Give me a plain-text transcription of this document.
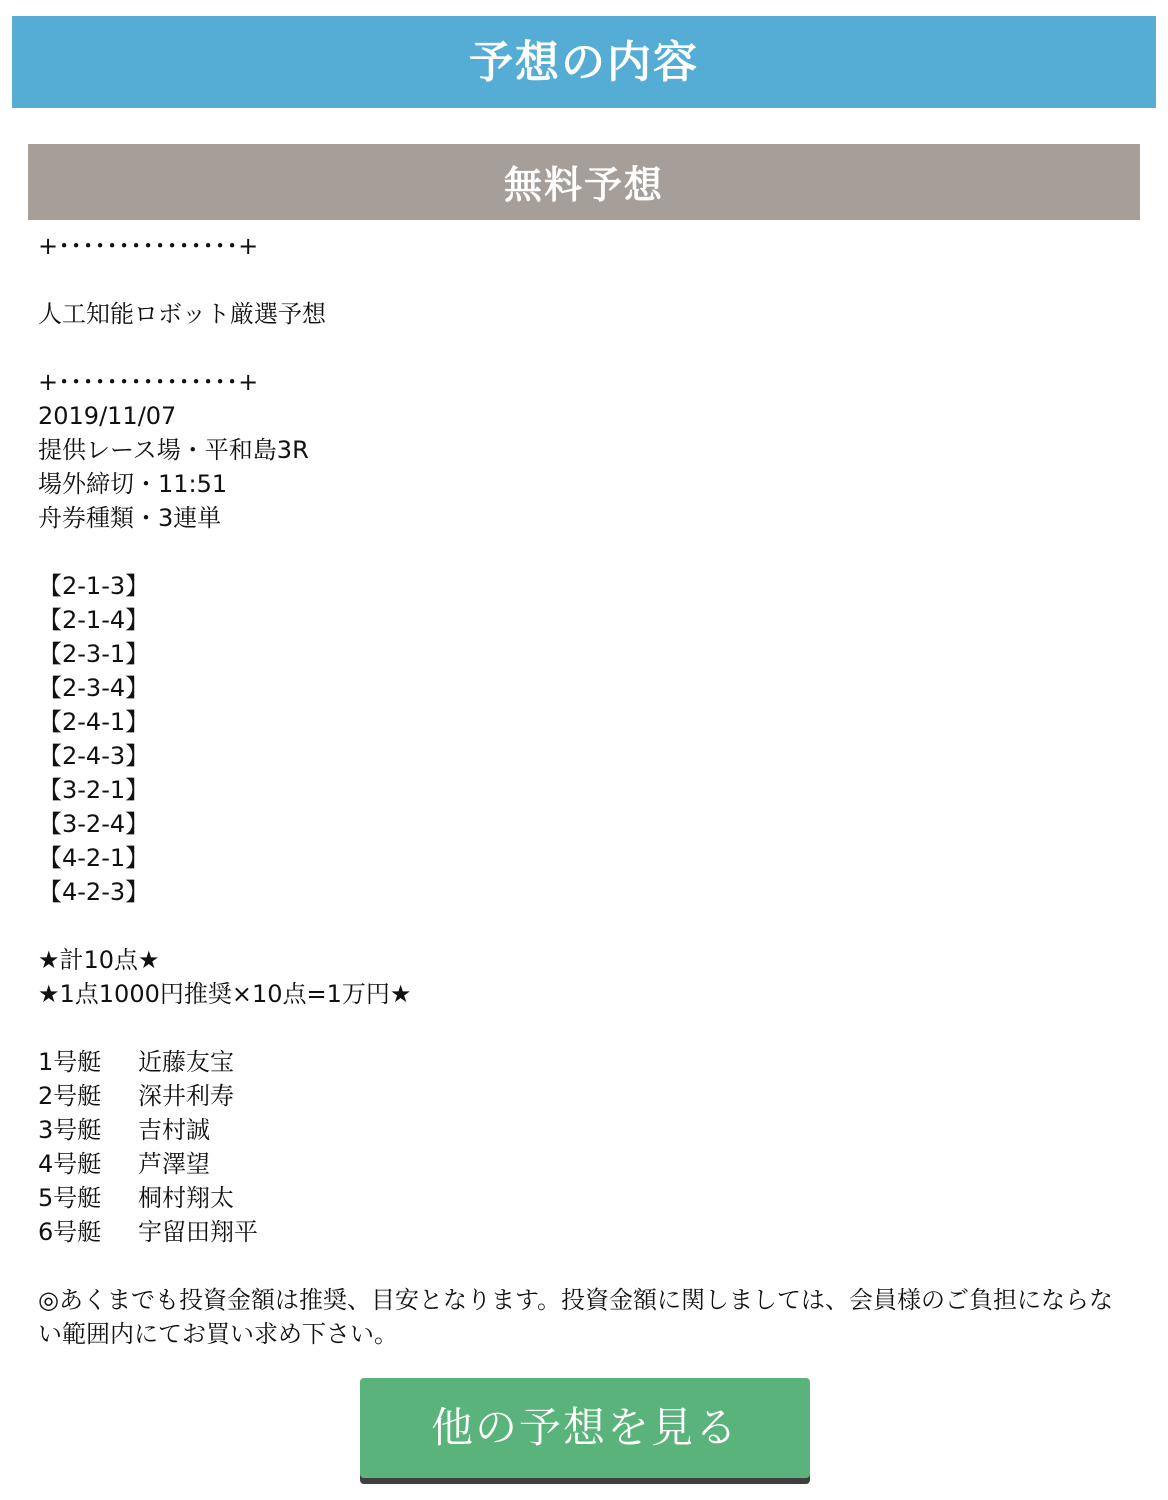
予想の内容
無料予想
+･･･････････････+
人工知能ロボット厳選予想
+･･･････････････+
2019/11/07
提供レース場・平和島3R
場外締切・11:51
舟券種類・3連単
【2-1-3】
【2-1-4】
【2-3-1】
【2-3-4】
【2-4-1】
【2-4-3】
【3-2-1】
【3-2-4】
【4-2-1】
【4-2-3】
★計10点★
★1点1000円推奨×10点=1万円★
1号艇	近藤友宝
2号艇	深井利寿
3号艇	吉村誠
4号艇	芦澤望
5号艇	桐村翔太
6号艇	宇留田翔平
◎あくまでも投資金額は推奨、目安となります。投資金額に関しましては、会員様のご負担にならない範囲内にてお買い求め下さい。
他の予想を見る
